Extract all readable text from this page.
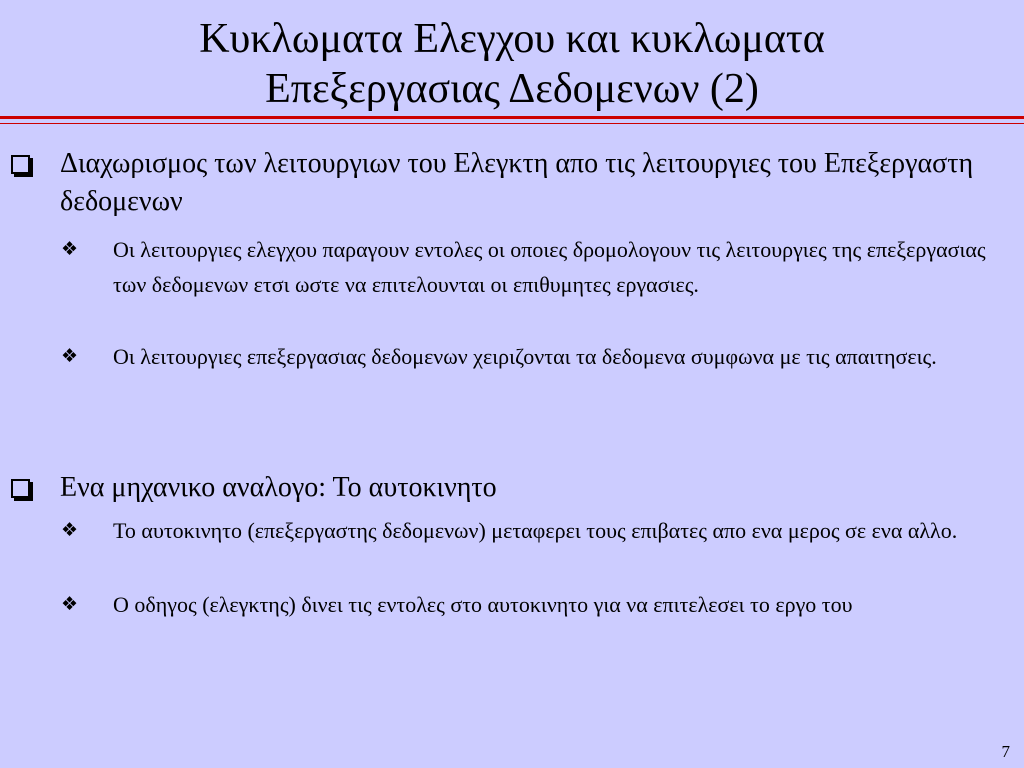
Κυκλωματα Ελεγχου και κυκλωματα
Επεξεργασιας Δεδομενων (2)
Διαχωρισμος των λειτουργιων του Ελεγκτη απο τις λειτουργιες του Επεξεργαστη δεδομενων
❖ Οι λειτουργιες ελεγχου παραγουν εντολες οι οποιες δρομολογουν τις λειτουργιες της επεξεργασιας των δεδομενων ετσι ωστε να επιτελουνται οι επιθυμητες εργασιες.
❖ Οι λειτουργιες επεξεργασιας δεδομενων χειριζονται τα δεδομενα συμφωνα με τις απαιτησεις.
Ενα μηχανικο αναλογο: Το αυτοκινητο
❖ Το αυτοκινητο (επεξεργαστης δεδομενων) μεταφερει τους επιβατες απο ενα μερος σε ενα αλλο.
❖ Ο οδηγος (ελεγκτης) δινει τις εντολες στο αυτοκινητο για να επιτελεσει το εργο του
7
